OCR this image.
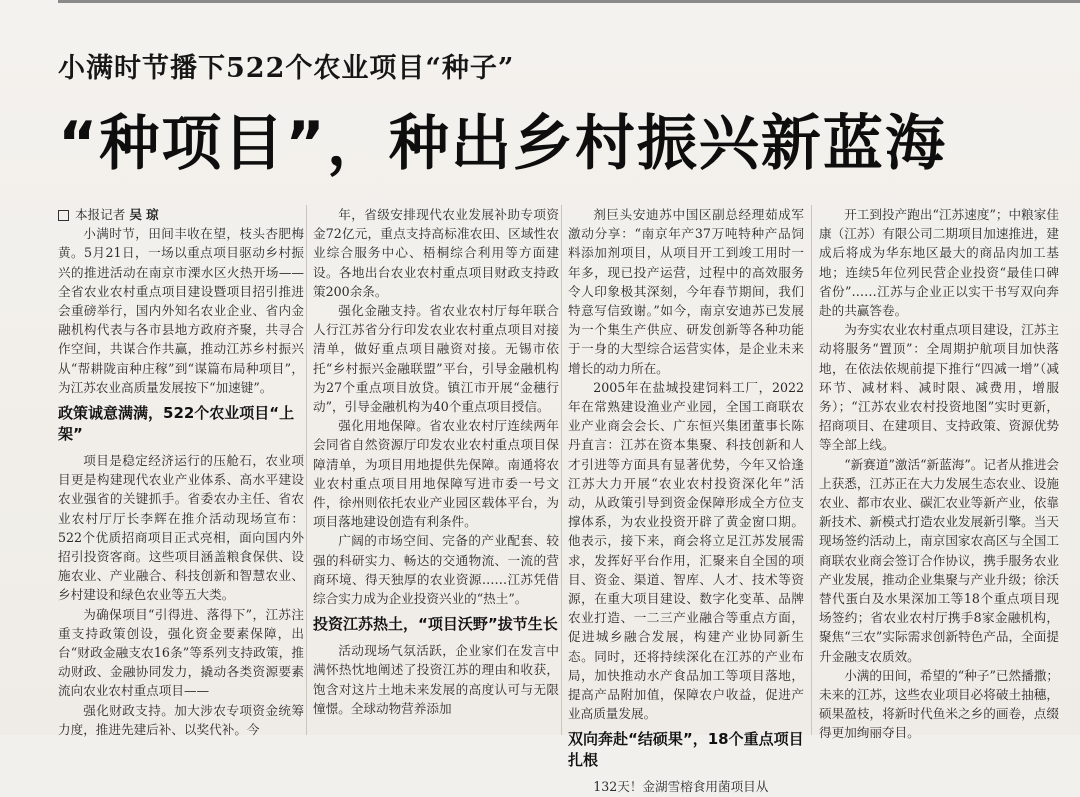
小满时节播下522个农业项目“种子”
“种项目”，种出乡村振兴新蓝海

本报记者 吴琼

小满时节，田间丰收在望，枝头杏肥梅黄。5月21日，一场以重点项目驱动乡村振兴的推进活动在南京市溧水区火热开场——全省农业农村重点项目建设暨项目招引推进会重磅举行，国内外知名农业企业、省内金融机构代表与各市县地方政府齐聚，共寻合作空间，共谋合作共赢，推动江苏乡村振兴从“帮耕陇亩种庄稼”到“谋篇布局种项目”，为江苏农业高质量发展按下“加速键”。

政策诚意满满，522个农业项目“上架”

项目是稳定经济运行的压舱石，农业项目更是构建现代农业产业体系、高水平建设农业强省的关键抓手。省委农办主任、省农业农村厅厅长李辉在推介活动现场宣布：522个优质招商项目正式亮相，面向国内外招引投资客商。这些项目涵盖粮食保供、设施农业、产业融合、科技创新和智慧农业、乡村建设和绿色农业等五大类。

为确保项目“引得进、落得下”，江苏注重支持政策创设，强化资金要素保障，出台“财政金融支农16条”等系列支持政策，推动财政、金融协同发力，撬动各类资源要素流向农业农村重点项目——

强化财政支持。加大涉农专项资金统筹力度，推进先建后补、以奖代补。今

年，省级安排现代农业发展补助专项资金72亿元，重点支持高标准农田、区域性农业综合服务中心、梧桐综合利用等方面建设。各地出台农业农村重点项目财政支持政策200余条。

强化金融支持。省农业农村厅每年联合人行江苏省分行印发农业农村重点项目对接清单，做好重点项目融资对接。无锡市依托“乡村振兴金融联盟”平台，引导金融机构为27个重点项目放贷。镇江市开展“金穗行动”，引导金融机构为40个重点项目授信。

强化用地保障。省农业农村厅连续两年会同省自然资源厅印发农业农村重点项目保障清单，为项目用地提供先保障。南通将农业农村重点项目用地保障写进市委一号文件，徐州则依托农业产业园区载体平台，为项目落地建设创造有利条件。

广阔的市场空间、完备的产业配套、较强的科研实力、畅达的交通物流、一流的营商环境、得天独厚的农业资源……江苏凭借综合实力成为企业投资兴业的“热土”。

投资江苏热土，“项目沃野”拔节生长

活动现场气氛活跃，企业家们在发言中满怀热忱地阐述了投资江苏的理由和收获，饱含对这片土地未来发展的高度认可与无限憧憬。全球动物营养添加

剂巨头安迪苏中国区副总经理茹成军激动分享：“南京年产37万吨特种产品饲料添加剂项目，从项目开工到竣工用时一年多，现已投产运营，过程中的高效服务令人印象极其深刻，今年春节期间，我们特意写信致谢。”如今，南京安迪苏已发展为一个集生产供应、研发创新等各种功能于一身的大型综合运营实体，是企业未来增长的动力所在。

2005年在盐城投建饲料工厂，2022年在常熟建设渔业产业园，全国工商联农业产业商会会长、广东恒兴集团董事长陈丹直言：江苏在资本集聚、科技创新和人才引进等方面具有显著优势，今年又恰逢江苏大力开展“农业农村投资深化年”活动，从政策引导到资金保障形成全方位支撑体系，为农业投资开辟了黄金窗口期。他表示，接下来，商会将立足江苏发展需求，发挥好平台作用，汇聚来自全国的项目、资金、渠道、智库、人才、技术等资源，在重大项目建设、数字化变革、品牌农业打造、一二三产业融合等重点方面，促进城乡融合发展，构建产业协同新生态。同时，还将持续深化在江苏的产业布局，加快推动水产食品加工等项目落地，提高产品附加值，保障农户收益，促进产业高质量发展。

双向奔赴“结硕果”，18个重点项目扎根

132天！金湖雪榕食用菌项目从

开工到投产跑出“江苏速度”；中粮家佳康（江苏）有限公司二期项目加速推进，建成后将成为华东地区最大的商品肉加工基地；连续5年位列民营企业投资“最佳口碑省份”……江苏与企业正以实干书写双向奔赴的共赢答卷。

为夯实农业农村重点项目建设，江苏主动将服务“置顶”：全周期护航项目加快落地，在依法依规前提下推行“四减一增”（减环节、减材料、减时限、减费用，增服务）；“江苏农业农村投资地图”实时更新，招商项目、在建项目、支持政策、资源优势等全部上线。

“新赛道”激活“新蓝海”。记者从推进会上获悉，江苏正在大力发展生态农业、设施农业、都市农业、碳汇农业等新产业，依靠新技术、新模式打造农业发展新引擎。当天现场签约活动上，南京国家农高区与全国工商联农业商会签订合作协议，携手服务农业产业发展，推动企业集聚与产业升级；徐沃替代蛋白及水果深加工等18个重点项目现场签约；省农业农村厅携手8家金融机构，聚焦“三农”实际需求创新特色产品，全面提升金融支农质效。

小满的田间，希望的“种子”已然播撒；未来的江苏，这些农业项目必将破土抽穗，硕果盈枝，将新时代鱼米之乡的画卷，点缀得更加绚丽夺目。
